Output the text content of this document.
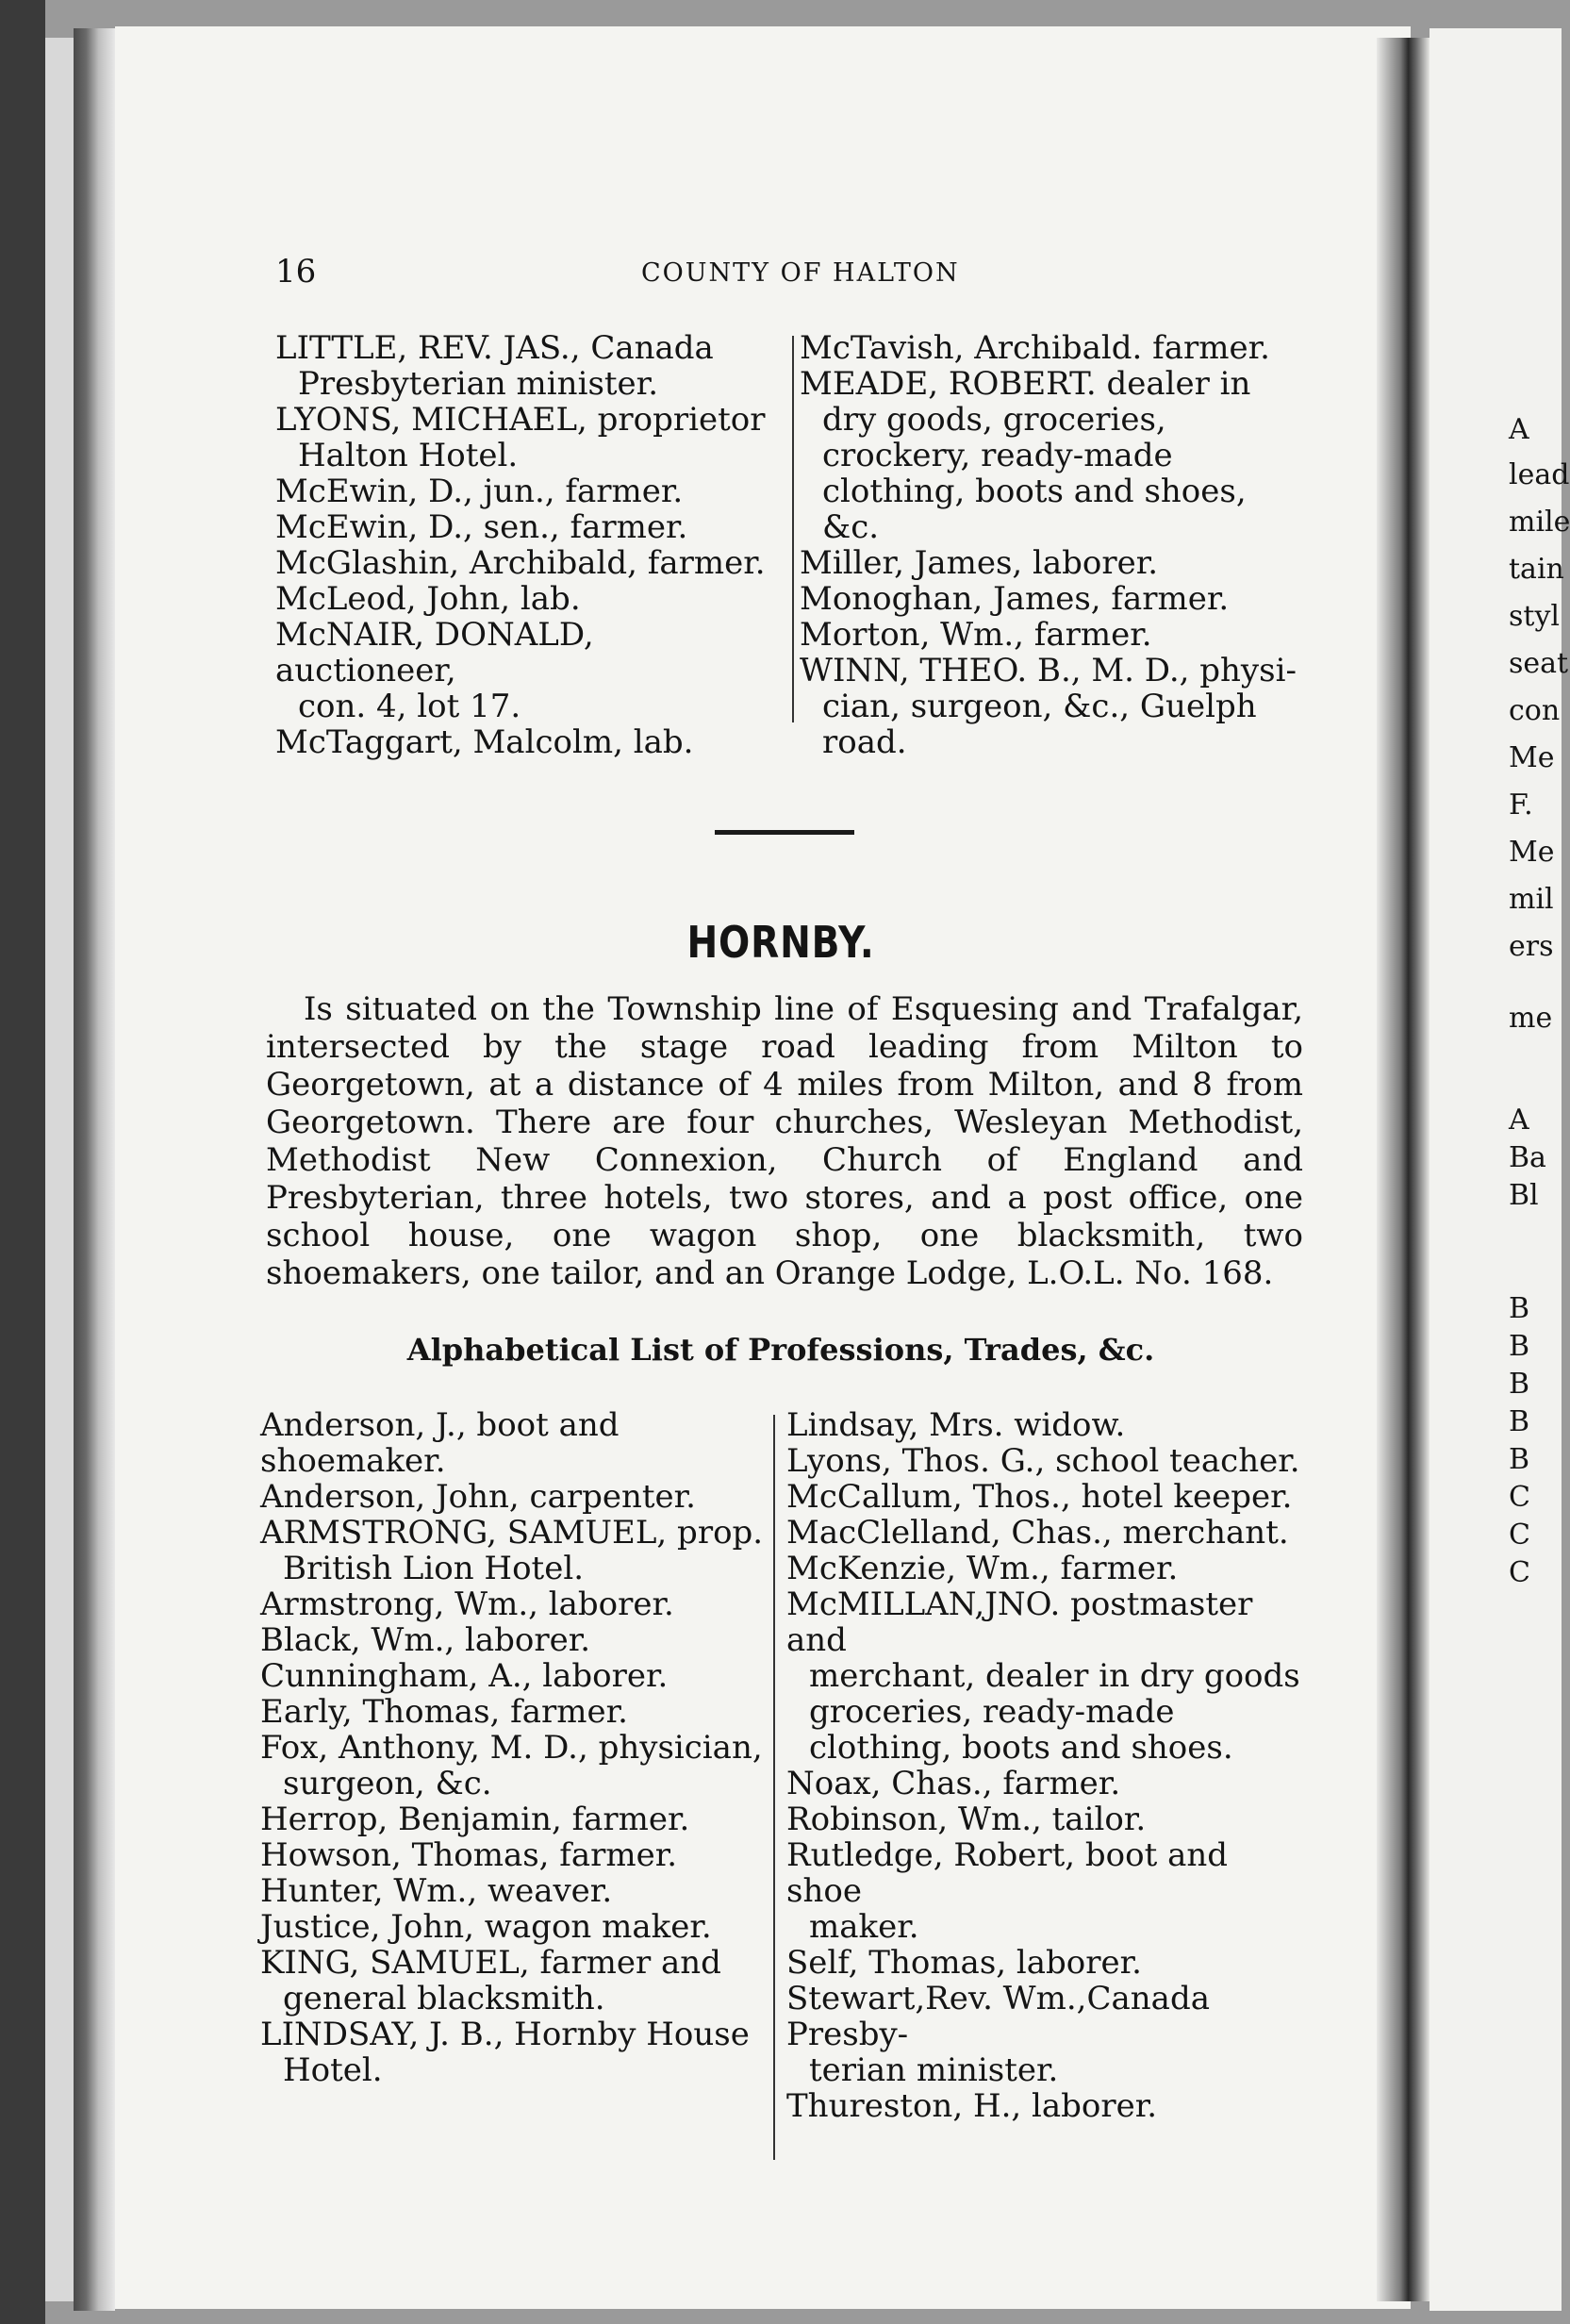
16	COUNTY OF HALTON
LITTLE, REV. JAS., Canada
Presbyterian minister.
LYONS, MICHAEL, proprietor
Halton Hotel.
McEwin, D., jun., farmer.
McEwin, D., sen., farmer.
McGlashin, Archibald, farmer.
McLeod, John, lab.
McNAIR, DONALD, auctioneer,
con. 4, lot 17.
McTaggart, Malcolm, lab.
McTavish, Archibald. farmer.
MEADE, ROBERT. dealer in
dry goods, groceries, crockery, ready-made clothing, boots and shoes, &c.
Miller, James, laborer.
Monoghan, James, farmer.
Morton, Wm., farmer.
WINN, THEO. B., M. D., physi-
cian, surgeon, &c., Guelph road.
HORNBY.

Is situated on the Township line of Esquesing and Trafalgar, intersected by the stage road leading from Milton to Georgetown, at a distance of 4 miles from Milton, and 8 from Georgetown. There are four churches, Wesleyan Methodist, Methodist New Connexion, Church of England and Presbyterian, three hotels, two stores, and a post office, one school house, one wagon shop, one blacksmith, two shoemakers, one tailor, and an Orange Lodge, L.O.L. No. 168.

Alphabetical List of Professions, Trades, &c.
Anderson, J., boot and shoemaker.
Anderson, John, carpenter.
ARMSTRONG, SAMUEL, prop.
British Lion Hotel.
Armstrong, Wm., laborer.
Black, Wm., laborer.
Cunningham, A., laborer.
Early, Thomas, farmer.
Fox, Anthony, M. D., physician,
surgeon, &c.
Herrop, Benjamin, farmer.
Howson, Thomas, farmer.
Hunter, Wm., weaver.
Justice, John, wagon maker.
KING, SAMUEL, farmer and
general blacksmith.
LINDSAY, J. B., Hornby House
Hotel.
Lindsay, Mrs. widow.
Lyons, Thos. G., school teacher.
McCallum, Thos., hotel keeper.
MacClelland, Chas., merchant.
McKenzie, Wm., farmer.
McMILLAN,JNO. postmaster and
merchant, dealer in dry goods groceries, ready-made clothing, boots and shoes.
Noax, Chas., farmer.
Robinson, Wm., tailor.
Rutledge, Robert, boot and shoe
maker.
Self, Thomas, laborer.
Stewart,Rev. Wm.,Canada Presby-
terian minister.
Thureston, H., laborer.
A
lead
mile
tain
styl
seat
con
Me
F.
Me
mil
ers
me
A
Ba
Bl
B
B
B
B
B
C
C
C
